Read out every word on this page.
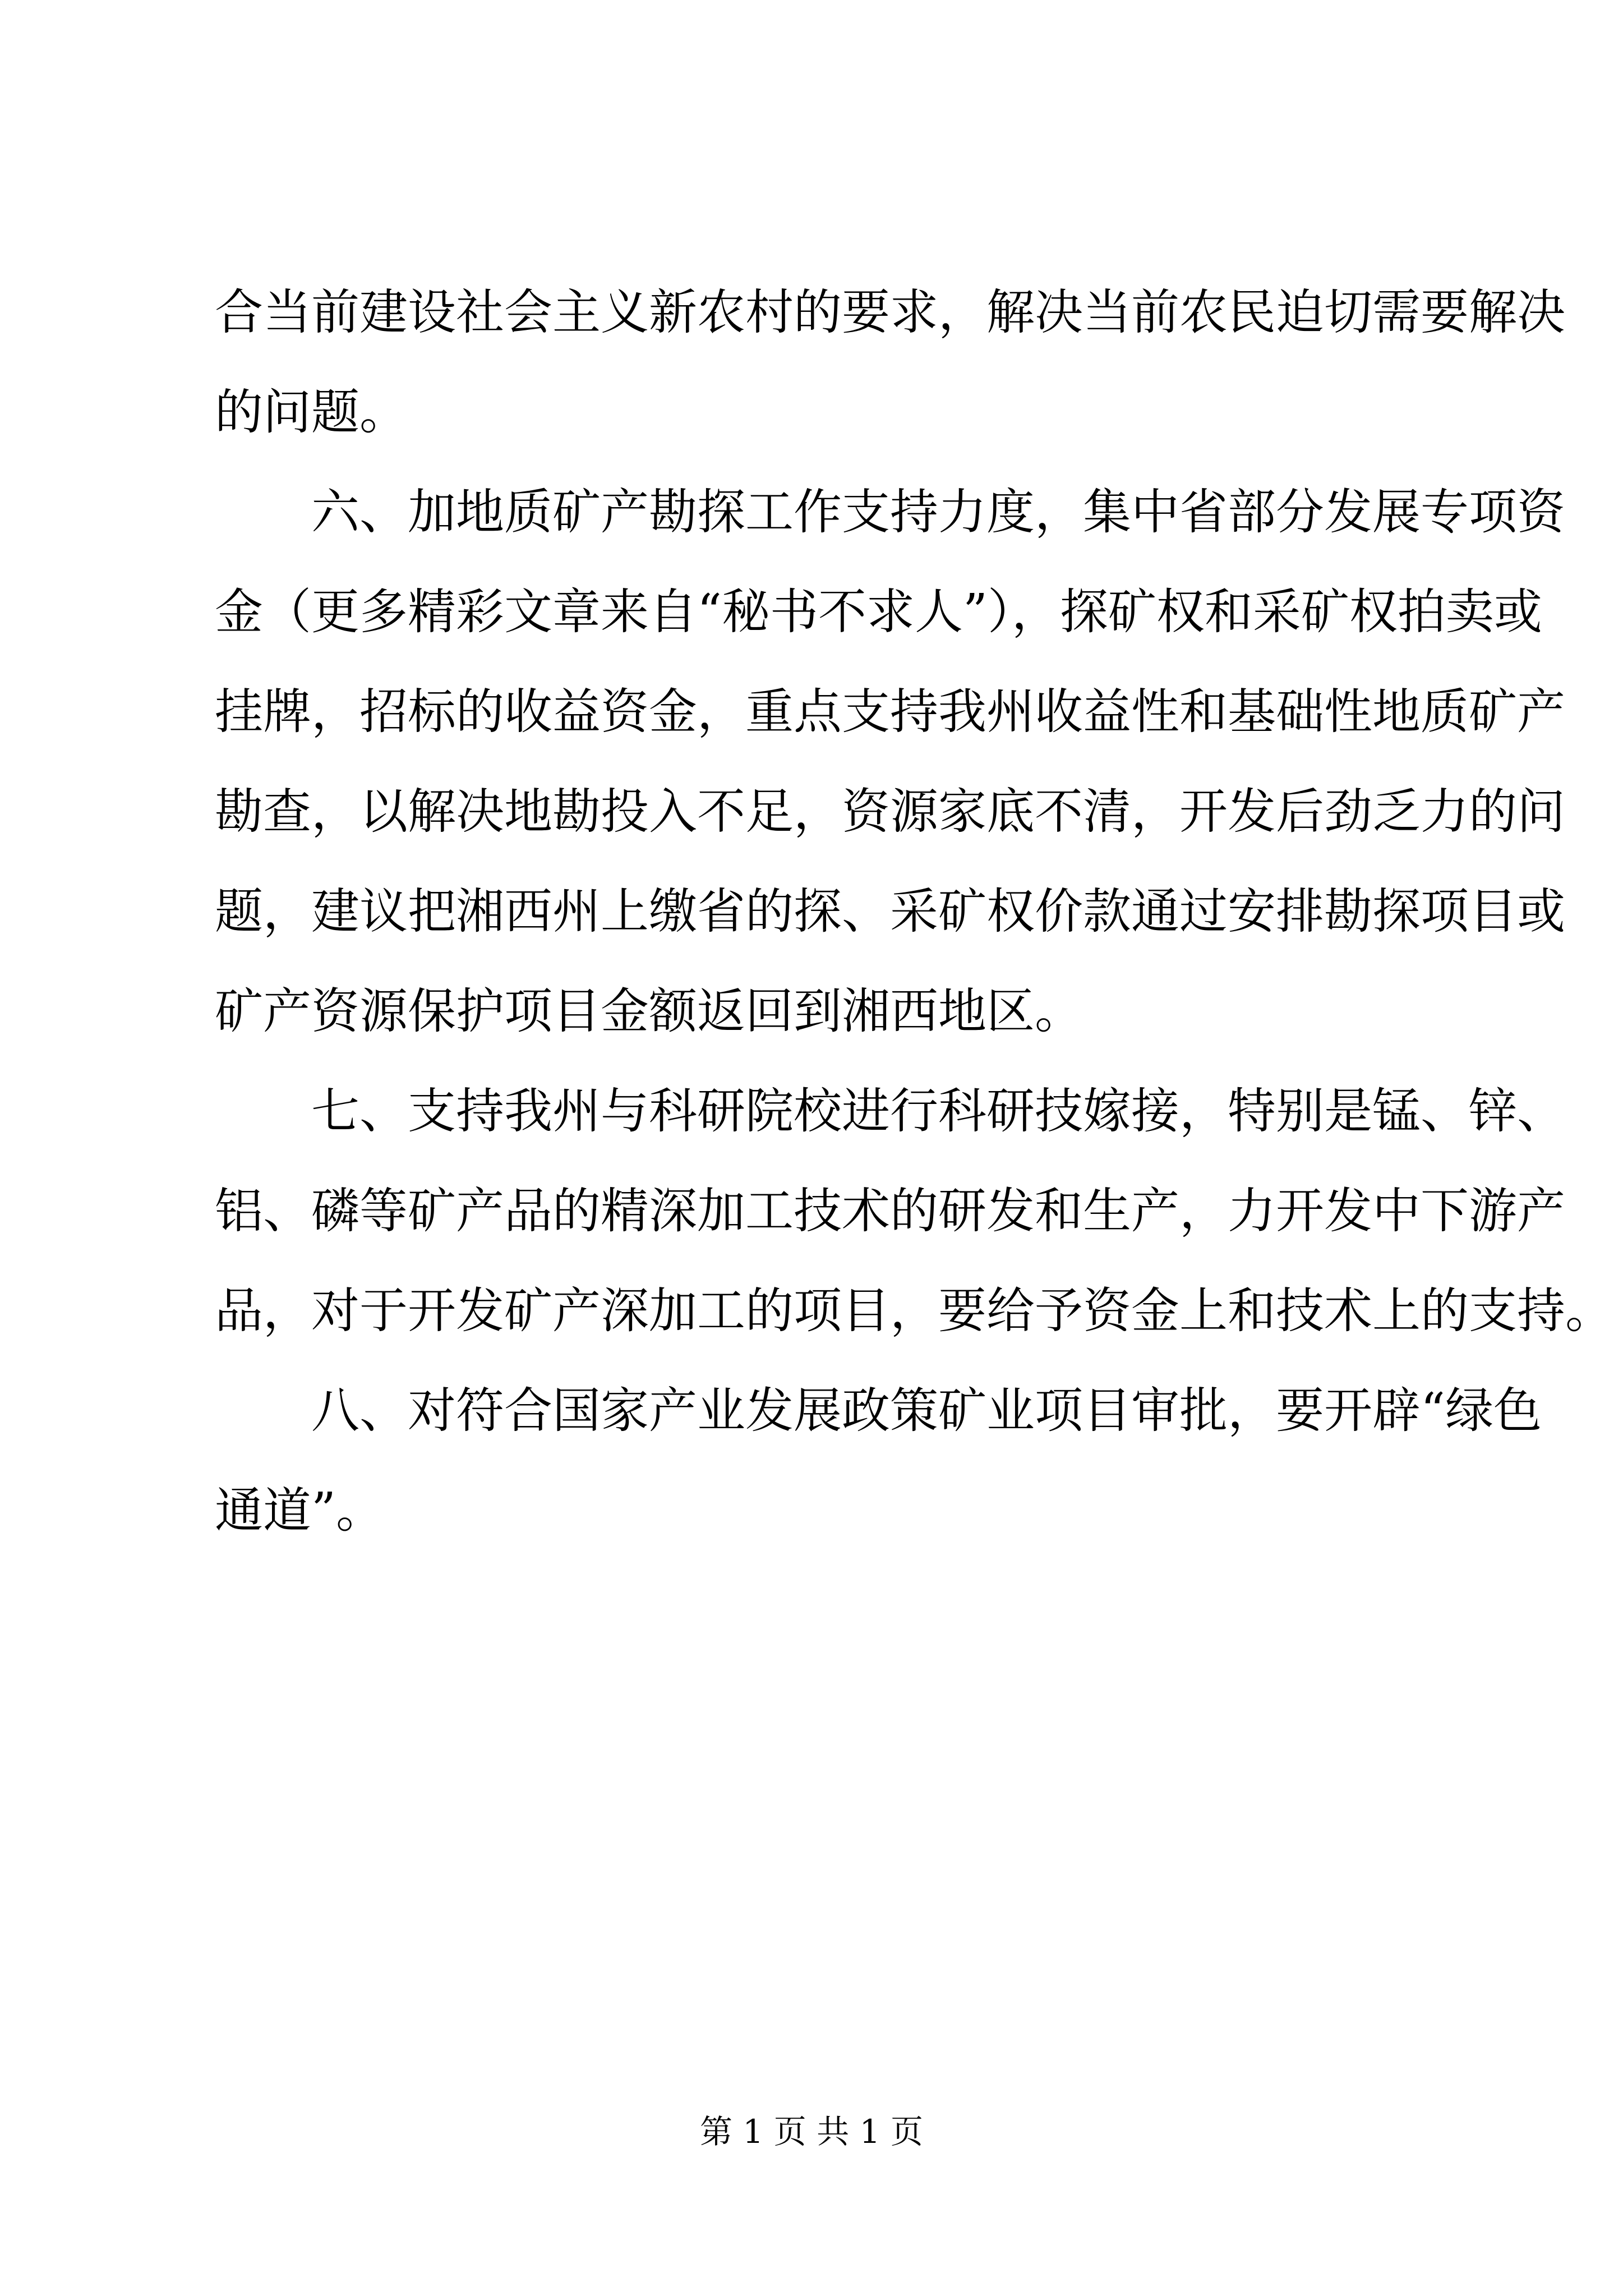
合当前建设社会主义新农村的要求，解决当前农民迫切需要解决
的问题。
六、加地质矿产勘探工作支持力度，集中省部分发展专项资
金（更多精彩文章来自“秘书不求人”），探矿权和采矿权拍卖或
挂牌，招标的收益资金，重点支持我州收益性和基础性地质矿产
勘查，以解决地勘投入不足，资源家底不清，开发后劲乏力的问
题，建议把湘西州上缴省的探、采矿权价款通过安排勘探项目或
矿产资源保护项目金额返回到湘西地区。
七、支持我州与科研院校进行科研技嫁接，特别是锰、锌、
铝、磷等矿产品的精深加工技术的研发和生产，力开发中下游产
品，对于开发矿产深加工的项目，要给予资金上和技术上的支持。
八、对符合国家产业发展政策矿业项目审批，要开辟“绿色
通道”。
第 1 页 共 1 页
